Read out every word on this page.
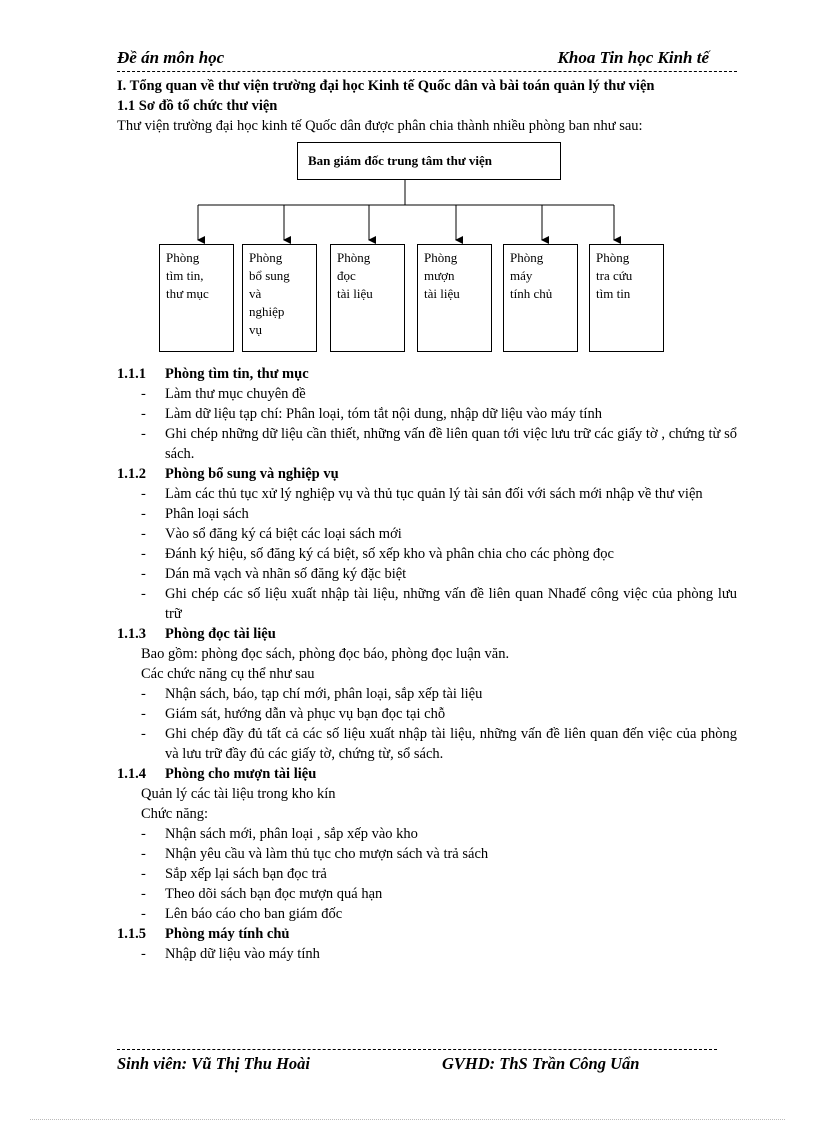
Đề án môn học	Khoa Tin học Kinh tế

I. Tổng quan về thư viện trường đại học Kinh tế Quốc dân và bài toán quản lý thư viện

1.1 Sơ đồ tổ chức thư viện

Thư viện trường đại học kinh tế Quốc dân được phân chia thành nhiều phòng ban như sau:

Ban giám đốc trung tâm thư viện
Phòng
tìm tin,
thư mục
Phòng
bổ sung
và
nghiệp
vụ
Phòng
đọc
tài liệu
Phòng
mượn
tài liệu
Phòng
máy
tính chủ
Phòng
tra cứu
tìm tin
1.1.1	Phòng tìm tin, thư mục
-	Làm thư mục chuyên đề
-	Làm dữ liệu tạp chí: Phân loại, tóm tắt nội dung, nhập dữ liệu vào máy tính
-	Ghi chép những dữ liệu cần thiết, những vấn đề liên quan tới việc lưu trữ các giấy tờ , chứng từ sổ sách.
1.1.2	Phòng bổ sung và nghiệp vụ
-	Làm các thủ tục xử lý nghiệp vụ và thủ tục quản lý tài sản đối với sách mới nhập về thư viện
-	Phân loại sách
-	Vào sổ đăng ký cá biệt các loại sách mới
-	Đánh ký hiệu, số đăng ký cá biệt, số xếp kho và phân chia cho các phòng đọc
-	Dán mã vạch và nhãn số đăng ký đặc biệt
-	Ghi chép các số liệu xuất nhập tài liệu, những vấn đề liên quan Nhađế công việc của phòng lưu trữ
1.1.3	Phòng đọc tài liệu

Bao gồm: phòng đọc sách, phòng đọc báo, phòng đọc luận văn.

Các chức năng cụ thể như sau

-	Nhận sách, báo, tạp chí mới, phân loại, sắp xếp tài liệu
-	Giám sát, hướng dẫn và phục vụ bạn đọc tại chỗ
-	Ghi chép đầy đủ tất cả các số liệu xuất nhập tài liệu, những vấn đề liên quan đến việc của phòng và lưu trữ đầy đủ các giấy tờ, chứng từ, sổ sách.
1.1.4	Phòng cho mượn tài liệu

Quản lý các tài liệu trong kho kín

Chức năng:

-	Nhận sách mới, phân loại , sắp xếp vào kho
-	Nhận yêu cầu và làm thủ tục cho mượn sách và trả sách
-	Sắp xếp lại sách bạn đọc trả
-	Theo dõi sách bạn đọc mượn quá hạn
-	Lên báo cáo cho ban giám đốc
1.1.5	Phòng máy tính chủ
-	Nhập dữ liệu vào máy tính
Sinh viên: Vũ Thị Thu Hoài	GVHD: ThS Trần Công Uẩn
